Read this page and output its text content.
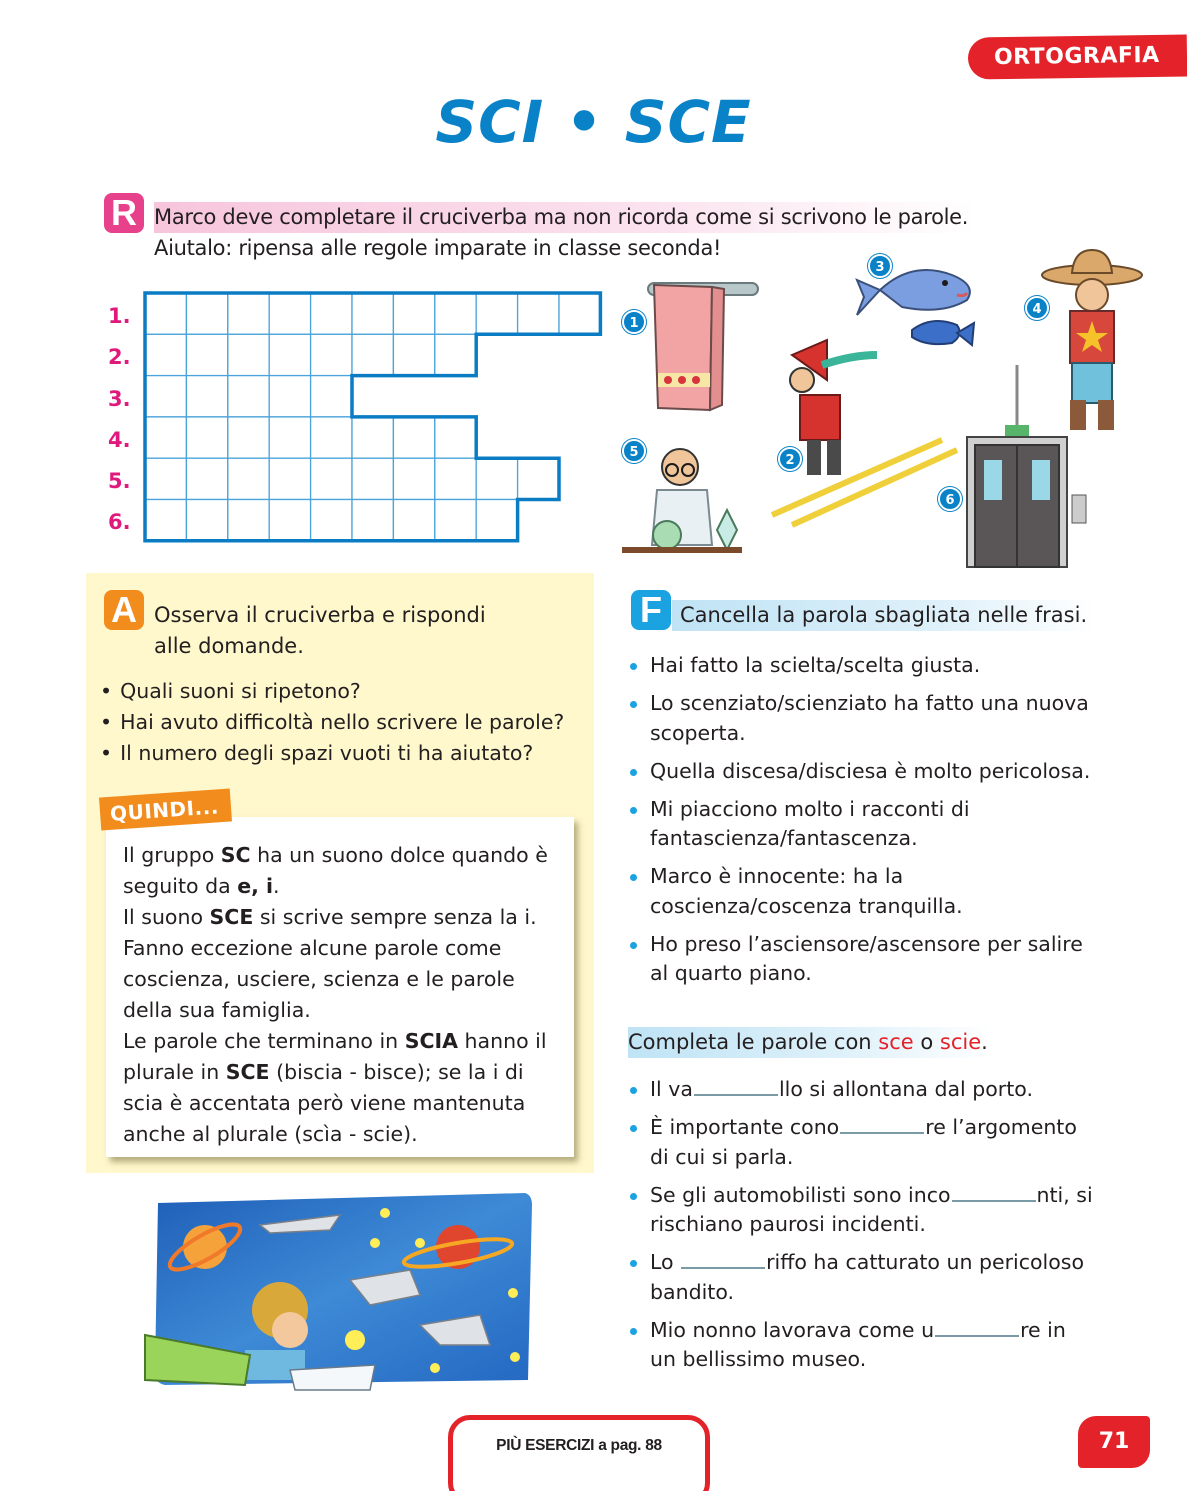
ORTOGRAFIA
SCI • SCE
R Marco deve completare il cruciverba ma non ricorda come si scrivono le parole.
Aiutalo: ripensa alle regole imparate in classe seconda!
1.
2.
3.
4.
5.
6.
1
2
3
4
5
6
A Osserva il cruciverba e rispondi
alle domande.
• Quali suoni si ripetono?
• Hai avuto difficoltà nello scrivere le parole?
• Il numero degli spazi vuoti ti ha aiutato?
QUINDI...

Il gruppo SC ha un suono dolce quando è seguito da e, i.

Il suono SCE si scrive sempre senza la i.

Fanno eccezione alcune parole come coscienza, usciere, scienza e le parole della sua famiglia.

Le parole che terminano in SCIA hanno il plurale in SCE (biscia - bisce); se la i di scia è accentata però viene mantenuta anche al plurale (scìa - scie).

F Cancella la parola sbagliata nelle frasi.
Hai fatto la scielta/scelta giusta.
Lo scenziato/scienziato ha fatto una nuova scoperta.
Quella discesa/disciesa è molto pericolosa.
Mi piacciono molto i racconti di fantascienza/fantascenza.
Marco è innocente: ha la coscienza/coscenza tranquilla.
Ho preso l’asciensore/ascensore per salire al quarto piano.
Completa le parole con sce o scie.
Il va	llo si allontana dal porto.
È importante cono	re l’argomento di cui si parla.
Se gli automobilisti sono inco	nti, si rischiano paurosi incidenti.
Lo	riffo ha catturato un pericoloso bandito.
Mio nonno lavorava come u	re in un bellissimo museo.
PIÙ ESERCIZI a pag. 88	71
